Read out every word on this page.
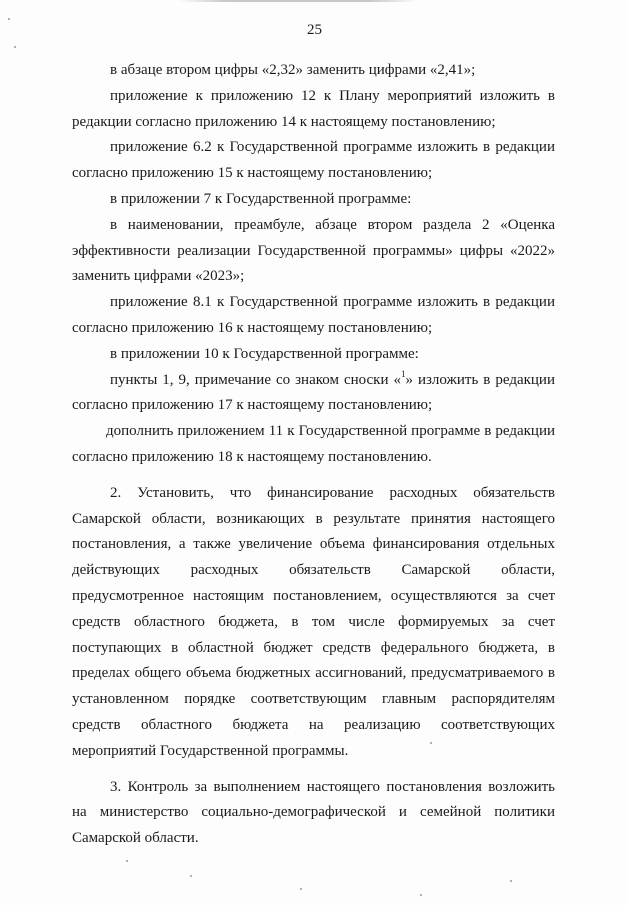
25

в абзаце втором цифры «2,32» заменить цифрами «2,41»;

приложение к приложению 12 к Плану мероприятий изложить в редакции согласно приложению 14 к настоящему постановлению;

приложение 6.2 к Государственной программе изложить в редакции согласно приложению 15 к настоящему постановлению;

в приложении 7 к Государственной программе:

в наименовании, преамбуле, абзаце втором раздела 2 «Оценка эффективности реализации Государственной программы» цифры «2022» заменить цифрами «2023»;

приложение 8.1 к Государственной программе изложить в редакции согласно приложению 16 к настоящему постановлению;

в приложении 10 к Государственной программе:

пункты 1, 9, примечание со знаком сноски «$^1$» изложить в редакции согласно приложению 17 к настоящему постановлению;

дополнить приложением 11 к Государственной программе в редакции согласно приложению 18 к настоящему постановлению.

2. Установить, что финансирование расходных обязательств Самарской области, возникающих в результате принятия настоящего постановления, а также увеличение объема финансирования отдельных действующих расходных обязательств Самарской области, предусмотренное настоящим постановлением, осуществляются за счет средств областного бюджета, в том числе формируемых за счет поступающих в областной бюджет средств федерального бюджета, в пределах общего объема бюджетных ассигнований, предусматриваемого в установленном порядке соответствующим главным распорядителям средств областного бюджета на реализацию соответствующих мероприятий Государственной программы.

3. Контроль за выполнением настоящего постановления возложить на министерство социально-демографической и семейной политики Самарской области.
